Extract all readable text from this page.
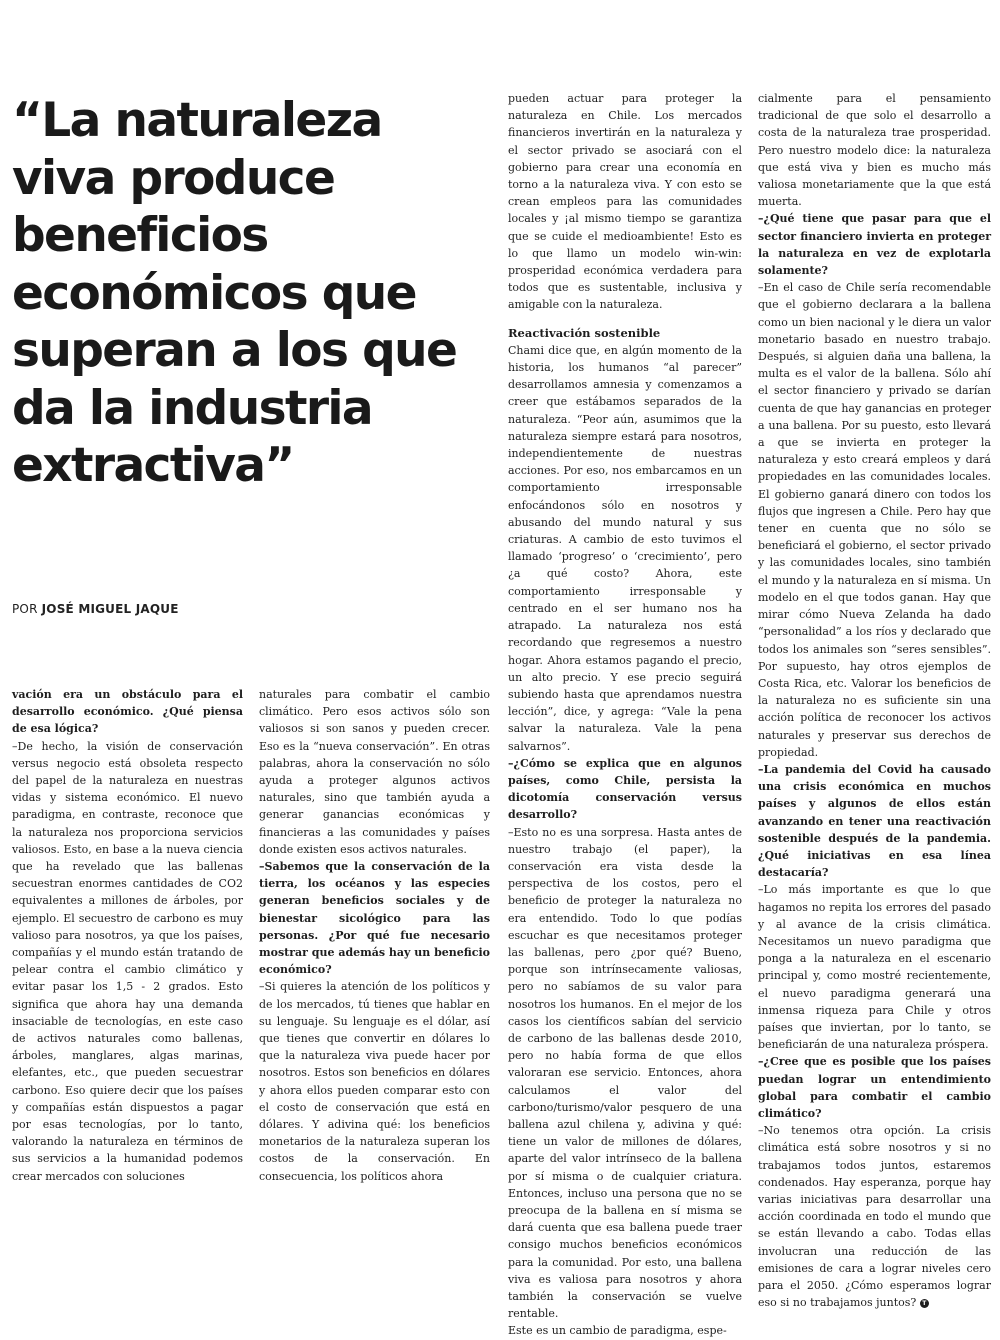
“La naturaleza viva produce beneficios económicos que superan a los que da la industria extractiva”

POR JOSÉ MIGUEL JAQUE

vación era un obstáculo para el desarrollo económico. ¿Qué piensa de esa lógica?

–De hecho, la visión de conservación versus negocio está obsoleta respecto del papel de la naturaleza en nuestras vidas y sistema económico. El nuevo paradigma, en contraste, reconoce que la naturaleza nos proporciona servicios valiosos. Esto, en base a la nueva ciencia que ha revelado que las ballenas secuestran enormes cantidades de CO2 equivalentes a millones de árboles, por ejemplo. El secuestro de carbono es muy valioso para nosotros, ya que los países, compañías y el mundo están tratando de pelear contra el cambio climático y evitar pasar los 1,5 - 2 grados. Esto significa que ahora hay una demanda insaciable de tecnologías, en este caso de activos naturales como ballenas, árboles, manglares, algas marinas, elefantes, etc., que pueden secuestrar carbono. Eso quiere decir que los países y compañías están dispuestos a pagar por esas tecnologías, por lo tanto, valorando la naturaleza en términos de sus servicios a la humanidad podemos crear mercados con soluciones

naturales para combatir el cambio climático. Pero esos activos sólo son valiosos si son sanos y pueden crecer. Eso es la “nueva conservación”. En otras palabras, ahora la conservación no sólo ayuda a proteger algunos activos naturales, sino que también ayuda a generar ganancias económicas y financieras a las comunidades y países donde existen esos activos naturales.

–Sabemos que la conservación de la tierra, los océanos y las especies generan beneficios sociales y de bienestar sicológico para las personas. ¿Por qué fue necesario mostrar que además hay un beneficio económico?

–Si quieres la atención de los políticos y de los mercados, tú tienes que hablar en su lenguaje. Su lenguaje es el dólar, así que tienes que convertir en dólares lo que la naturaleza viva puede hacer por nosotros. Estos son beneficios en dólares y ahora ellos pueden comparar esto con el costo de conservación que está en dólares. Y adivina qué: los beneficios monetarios de la naturaleza superan los costos de la conservación. En consecuencia, los políticos ahora

pueden actuar para proteger la naturaleza en Chile. Los mercados financieros invertirán en la naturaleza y el sector privado se asociará con el gobierno para crear una economía en torno a la naturaleza viva. Y con esto se crean empleos para las comunidades locales y ¡al mismo tiempo se garantiza que se cuide el medioambiente! Esto es lo que llamo un modelo win-win: prosperidad económica verdadera para todos que es sustentable, inclusiva y amigable con la naturaleza.

Reactivación sostenible

Chami dice que, en algún momento de la historia, los humanos “al parecer” desarrollamos amnesia y comenzamos a creer que estábamos separados de la naturaleza. “Peor aún, asumimos que la naturaleza siempre estará para nosotros, independientemente de nuestras acciones. Por eso, nos embarcamos en un comportamiento irresponsable enfocándonos sólo en nosotros y abusando del mundo natural y sus criaturas. A cambio de esto tuvimos el llamado ‘progreso’ o ‘crecimiento’, pero ¿a qué costo? Ahora, este comportamiento irresponsable y centrado en el ser humano nos ha atrapado. La naturaleza nos está recordando que regresemos a nuestro hogar. Ahora estamos pagando el precio, un alto precio. Y ese precio seguirá subiendo hasta que aprendamos nuestra lección”, dice, y agrega: “Vale la pena salvar la naturaleza. Vale la pena salvarnos”.

–¿Cómo se explica que en algunos países, como Chile, persista la dicotomía conservación versus desarrollo?

–Esto no es una sorpresa. Hasta antes de nuestro trabajo (el paper), la conservación era vista desde la perspectiva de los costos, pero el beneficio de proteger la naturaleza no era entendido. Todo lo que podías escuchar es que necesitamos proteger las ballenas, pero ¿por qué? Bueno, porque son intrínsecamente valiosas, pero no sabíamos de su valor para nosotros los humanos. En el mejor de los casos los científicos sabían del servicio de carbono de las ballenas desde 2010, pero no había forma de que ellos valoraran ese servicio. Entonces, ahora calculamos el valor del carbono/turismo/valor pesquero de una ballena azul chilena y, adivina y qué: tiene un valor de millones de dólares, aparte del valor intrínseco de la ballena por sí misma o de cualquier criatura. Entonces, incluso una persona que no se preocupa de la ballena en sí misma se dará cuenta que esa ballena puede traer consigo muchos beneficios económicos para la comunidad. Por esto, una ballena viva es valiosa para nosotros y ahora también la conservación se vuelve rentable.

Este es un cambio de paradigma, espe-

cialmente para el pensamiento tradicional de que solo el desarrollo a costa de la naturaleza trae prosperidad. Pero nuestro modelo dice: la naturaleza que está viva y bien es mucho más valiosa monetariamente que la que está muerta.

–¿Qué tiene que pasar para que el sector financiero invierta en proteger la naturaleza en vez de explotarla solamente?

–En el caso de Chile sería recomendable que el gobierno declarara a la ballena como un bien nacional y le diera un valor monetario basado en nuestro trabajo. Después, si alguien daña una ballena, la multa es el valor de la ballena. Sólo ahí el sector financiero y privado se darían cuenta de que hay ganancias en proteger a una ballena. Por su puesto, esto llevará a que se invierta en proteger la naturaleza y esto creará empleos y dará propiedades en las comunidades locales. El gobierno ganará dinero con todos los flujos que ingresen a Chile. Pero hay que tener en cuenta que no sólo se beneficiará el gobierno, el sector privado y las comunidades locales, sino también el mundo y la naturaleza en sí misma. Un modelo en el que todos ganan. Hay que mirar cómo Nueva Zelanda ha dado “personalidad” a los ríos y declarado que todos los animales son “seres sensibles”. Por supuesto, hay otros ejemplos de Costa Rica, etc. Valorar los beneficios de la naturaleza no es suficiente sin una acción política de reconocer los activos naturales y preservar sus derechos de propiedad.

–La pandemia del Covid ha causado una crisis económica en muchos países y algunos de ellos están avanzando en tener una reactivación sostenible después de la pandemia. ¿Qué iniciativas en esa línea destacaría?

–Lo más importante es que lo que hagamos no repita los errores del pasado y al avance de la crisis climática. Necesitamos un nuevo paradigma que ponga a la naturaleza en el escenario principal y, como mostré recientemente, el nuevo paradigma generará una inmensa riqueza para Chile y otros países que inviertan, por lo tanto, se beneficiarán de una naturaleza próspera.

–¿Cree que es posible que los países puedan lograr un entendimiento global para combatir el cambio climático?

–No tenemos otra opción. La crisis climática está sobre nosotros y si no trabajamos todos juntos, estaremos condenados. Hay esperanza, porque hay varias iniciativas para desarrollar una acción coordinada en todo el mundo que se están llevando a cabo. Todas ellas involucran una reducción de las emisiones de cara a lograr niveles cero para el 2050. ¿Cómo esperamos lograr eso si no trabajamos juntos? T
